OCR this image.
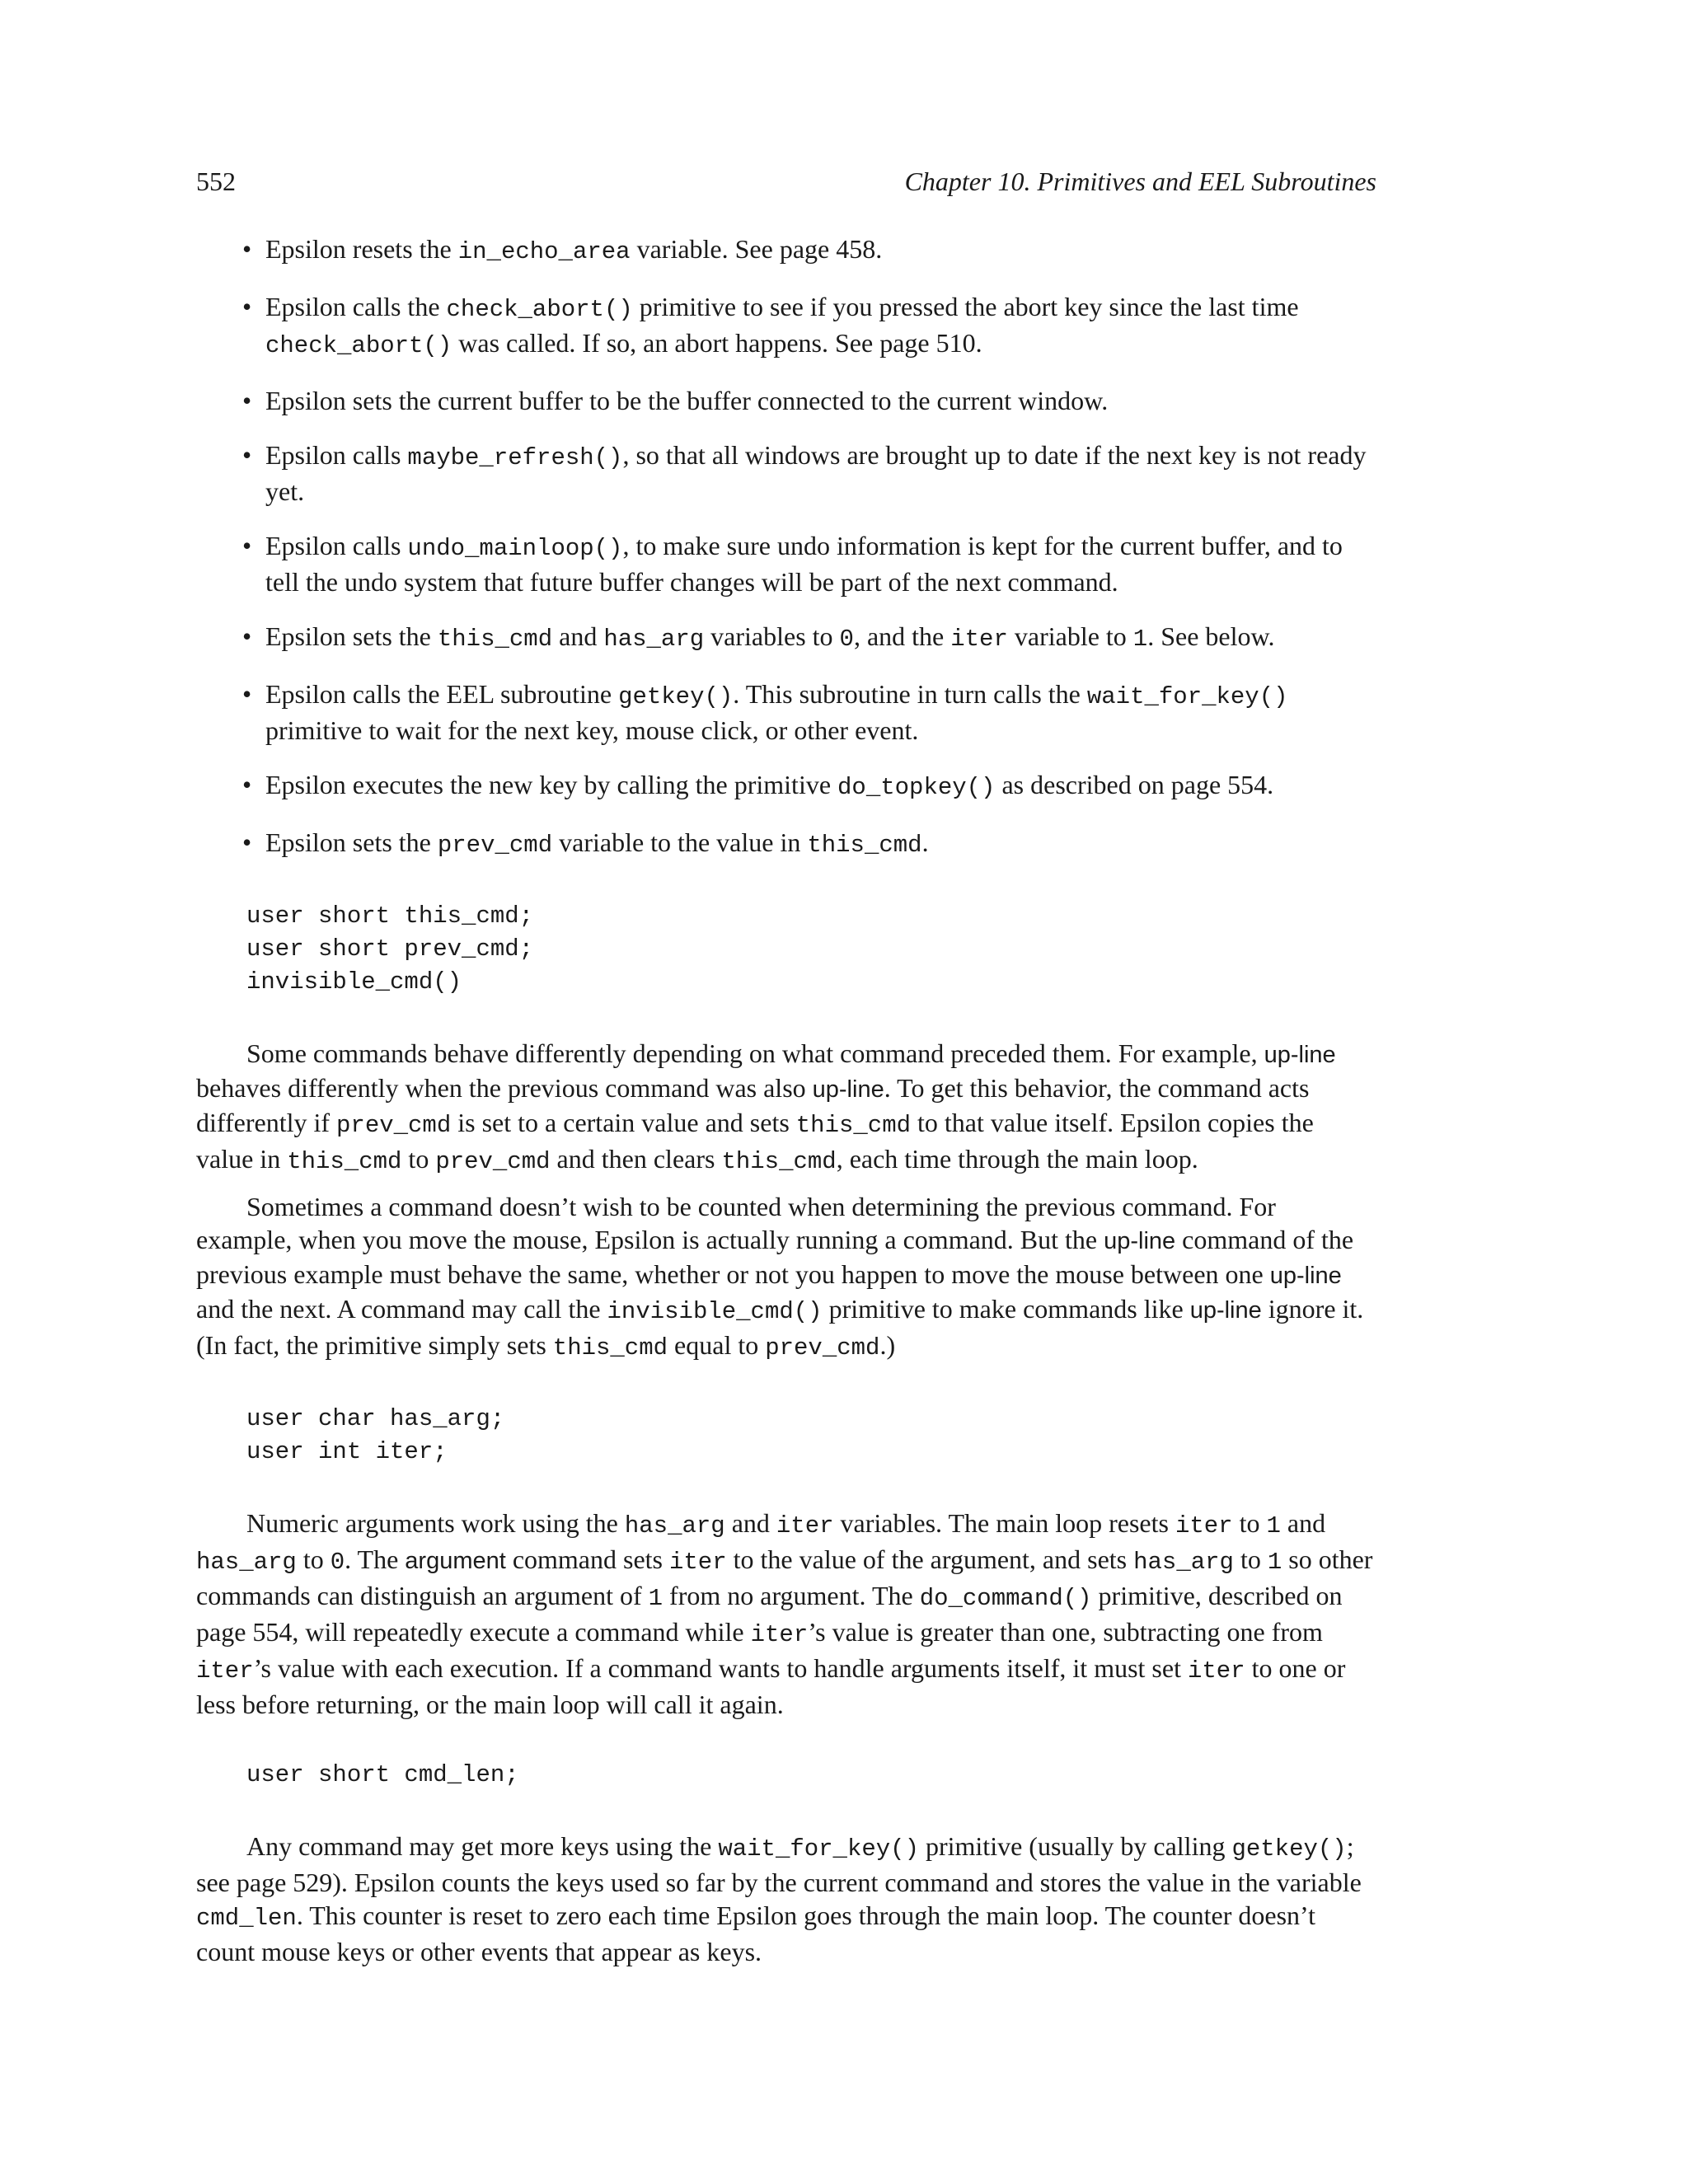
552	Chapter 10. Primitives and EEL Subroutines
• Epsilon resets the in_echo_area variable. See page 458.
• Epsilon calls the check_abort() primitive to see if you pressed the abort key since the last time check_abort() was called. If so, an abort happens. See page 510.
• Epsilon sets the current buffer to be the buffer connected to the current window.
• Epsilon calls maybe_refresh(), so that all windows are brought up to date if the next key is not ready yet.
• Epsilon calls undo_mainloop(), to make sure undo information is kept for the current buffer, and to tell the undo system that future buffer changes will be part of the next command.
• Epsilon sets the this_cmd and has_arg variables to 0, and the iter variable to 1. See below.
• Epsilon calls the EEL subroutine getkey(). This subroutine in turn calls the wait_for_key() primitive to wait for the next key, mouse click, or other event.
• Epsilon executes the new key by calling the primitive do_topkey() as described on page 554.
• Epsilon sets the prev_cmd variable to the value in this_cmd.
user short this_cmd;
user short prev_cmd;
invisible_cmd()

Some commands behave differently depending on what command preceded them. For example, up-line behaves differently when the previous command was also up-line. To get this behavior, the command acts differently if prev_cmd is set to a certain value and sets this_cmd to that value itself. Epsilon copies the value in this_cmd to prev_cmd and then clears this_cmd, each time through the main loop.

Sometimes a command doesn’t wish to be counted when determining the previous command. For example, when you move the mouse, Epsilon is actually running a command. But the up-line command of the previous example must behave the same, whether or not you happen to move the mouse between one up-line and the next. A command may call the invisible_cmd() primitive to make commands like up-line ignore it. (In fact, the primitive simply sets this_cmd equal to prev_cmd.)

user char has_arg;
user int iter;

Numeric arguments work using the has_arg and iter variables. The main loop resets iter to 1 and has_arg to 0. The argument command sets iter to the value of the argument, and sets has_arg to 1 so other commands can distinguish an argument of 1 from no argument. The do_command() primitive, described on page 554, will repeatedly execute a command while iter’s value is greater than one, subtracting one from iter’s value with each execution. If a command wants to handle arguments itself, it must set iter to one or less before returning, or the main loop will call it again.

user short cmd_len;

Any command may get more keys using the wait_for_key() primitive (usually by calling getkey(); see page 529). Epsilon counts the keys used so far by the current command and stores the value in the variable cmd_len. This counter is reset to zero each time Epsilon goes through the main loop. The counter doesn’t count mouse keys or other events that appear as keys.
